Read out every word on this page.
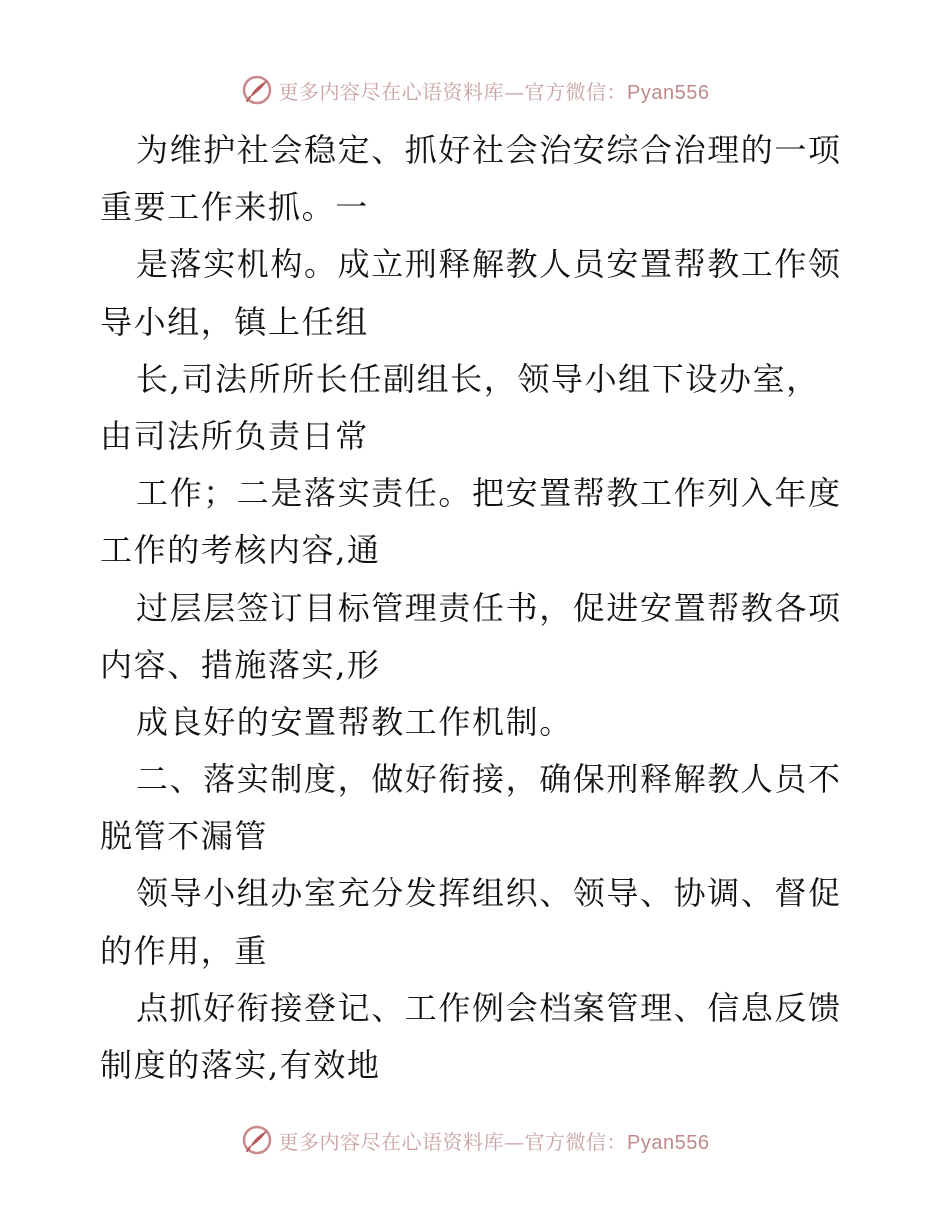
更多内容尽在心语资料库—官方微信：Pyan556
为维护社会稳定、抓好社会治安综合治理的一项
重要工作来抓。一
是落实机构。成立刑释解教人员安置帮教工作领
导小组，镇上任组
长,司法所所长任副组长，领导小组下设办室，
由司法所负责日常
工作；二是落实责任。把安置帮教工作列入年度
工作的考核内容,通
过层层签订目标管理责任书，促进安置帮教各项
内容、措施落实,形
成良好的安置帮教工作机制。
二、落实制度，做好衔接，确保刑释解教人员不
脱管不漏管
领导小组办室充分发挥组织、领导、协调、督促
的作用，重
点抓好衔接登记、工作例会档案管理、信息反馈
制度的落实,有效地
更多内容尽在心语资料库—官方微信：Pyan556
